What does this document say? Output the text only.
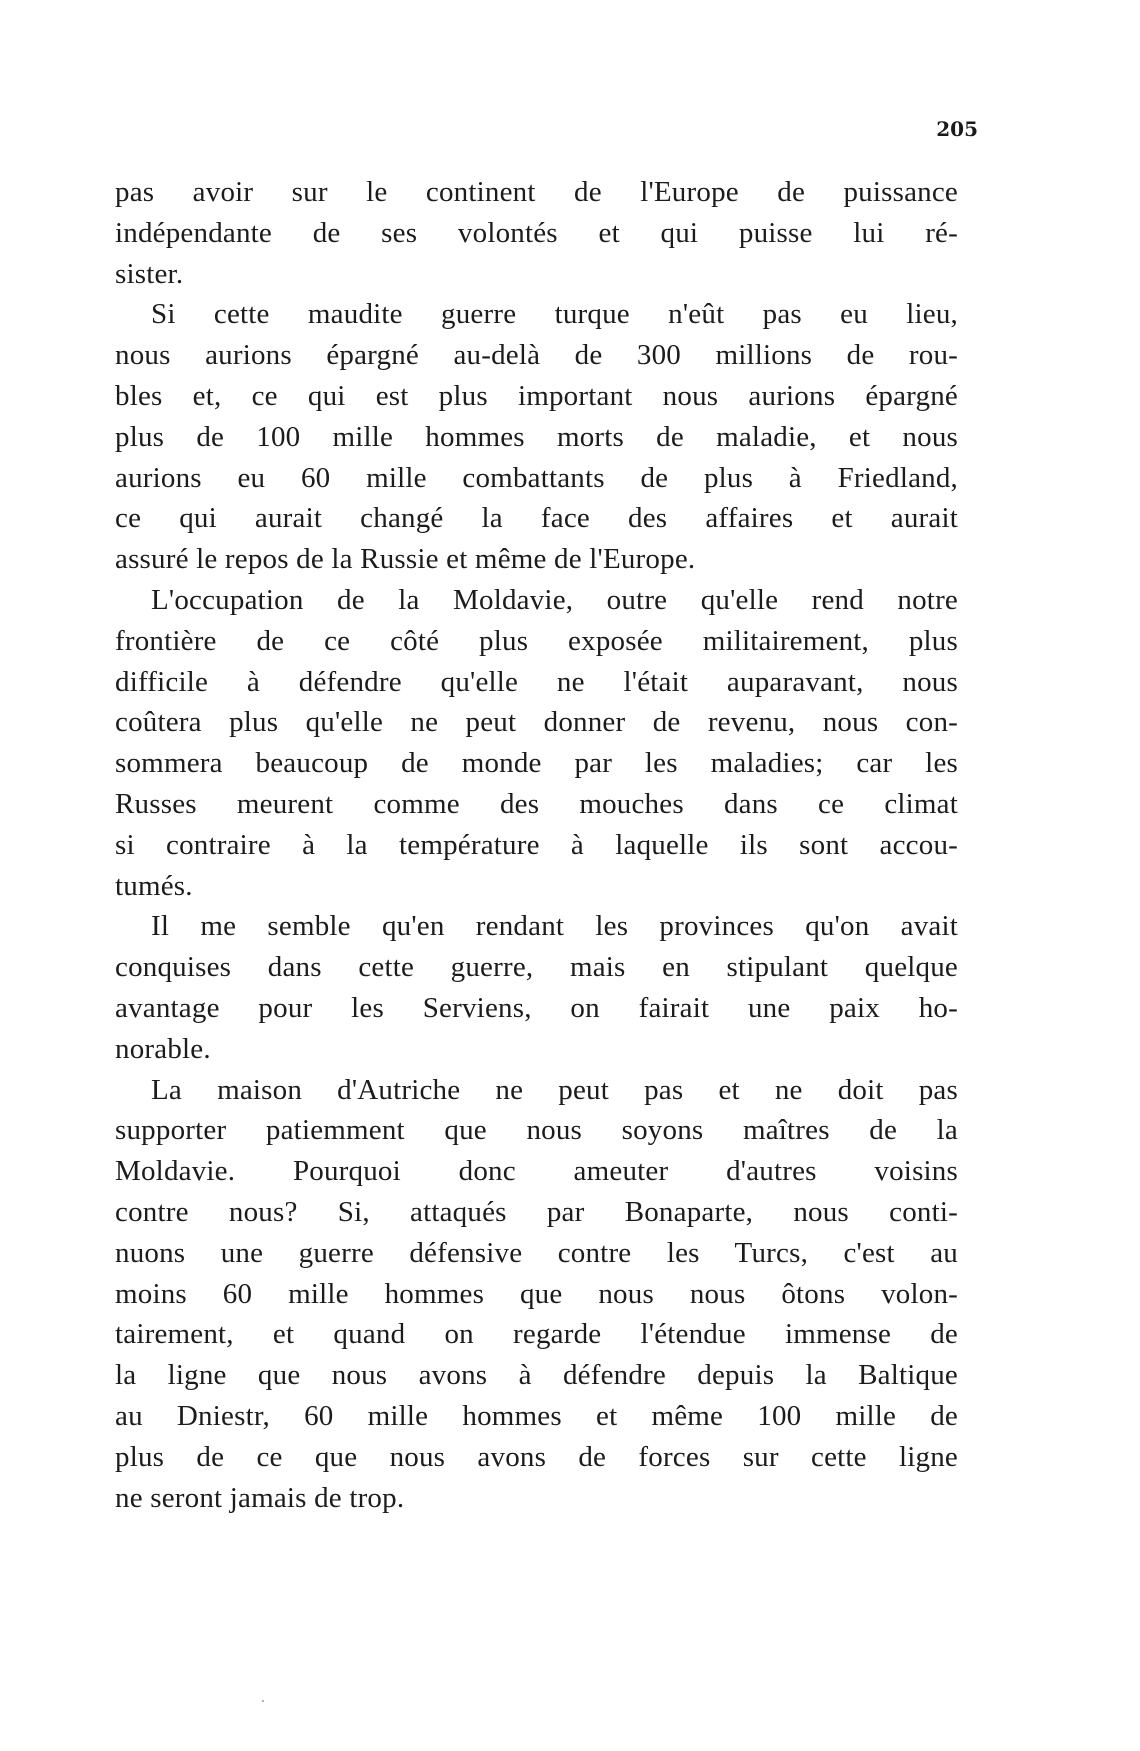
205
pas avoir sur le continent de l'Europe de puissance
indépendante de ses volontés et qui puisse lui ré-
sister.
Si cette maudite guerre turque n'eût pas eu lieu,
nous aurions épargné au-delà de 300 millions de rou-
bles et, ce qui est plus important nous aurions épargné
plus de 100 mille hommes morts de maladie, et nous
aurions eu 60 mille combattants de plus à Friedland,
ce qui aurait changé la face des affaires et aurait
assuré le repos de la Russie et même de l'Europe.
L'occupation de la Moldavie, outre qu'elle rend notre
frontière de ce côté plus exposée militairement, plus
difficile à défendre qu'elle ne l'était auparavant, nous
coûtera plus qu'elle ne peut donner de revenu, nous con-
sommera beaucoup de monde par les maladies; car les
Russes meurent comme des mouches dans ce climat
si contraire à la température à laquelle ils sont accou-
tumés.
Il me semble qu'en rendant les provinces qu'on avait
conquises dans cette guerre, mais en stipulant quelque
avantage pour les Serviens, on fairait une paix ho-
norable.
La maison d'Autriche ne peut pas et ne doit pas
supporter patiemment que nous soyons maîtres de la
Moldavie. Pourquoi donc ameuter d'autres voisins
contre nous? Si, attaqués par Bonaparte, nous conti-
nuons une guerre défensive contre les Turcs, c'est au
moins 60 mille hommes que nous nous ôtons volon-
tairement, et quand on regarde l'étendue immense de
la ligne que nous avons à défendre depuis la Baltique
au Dniestr, 60 mille hommes et même 100 mille de
plus de ce que nous avons de forces sur cette ligne
ne seront jamais de trop.
